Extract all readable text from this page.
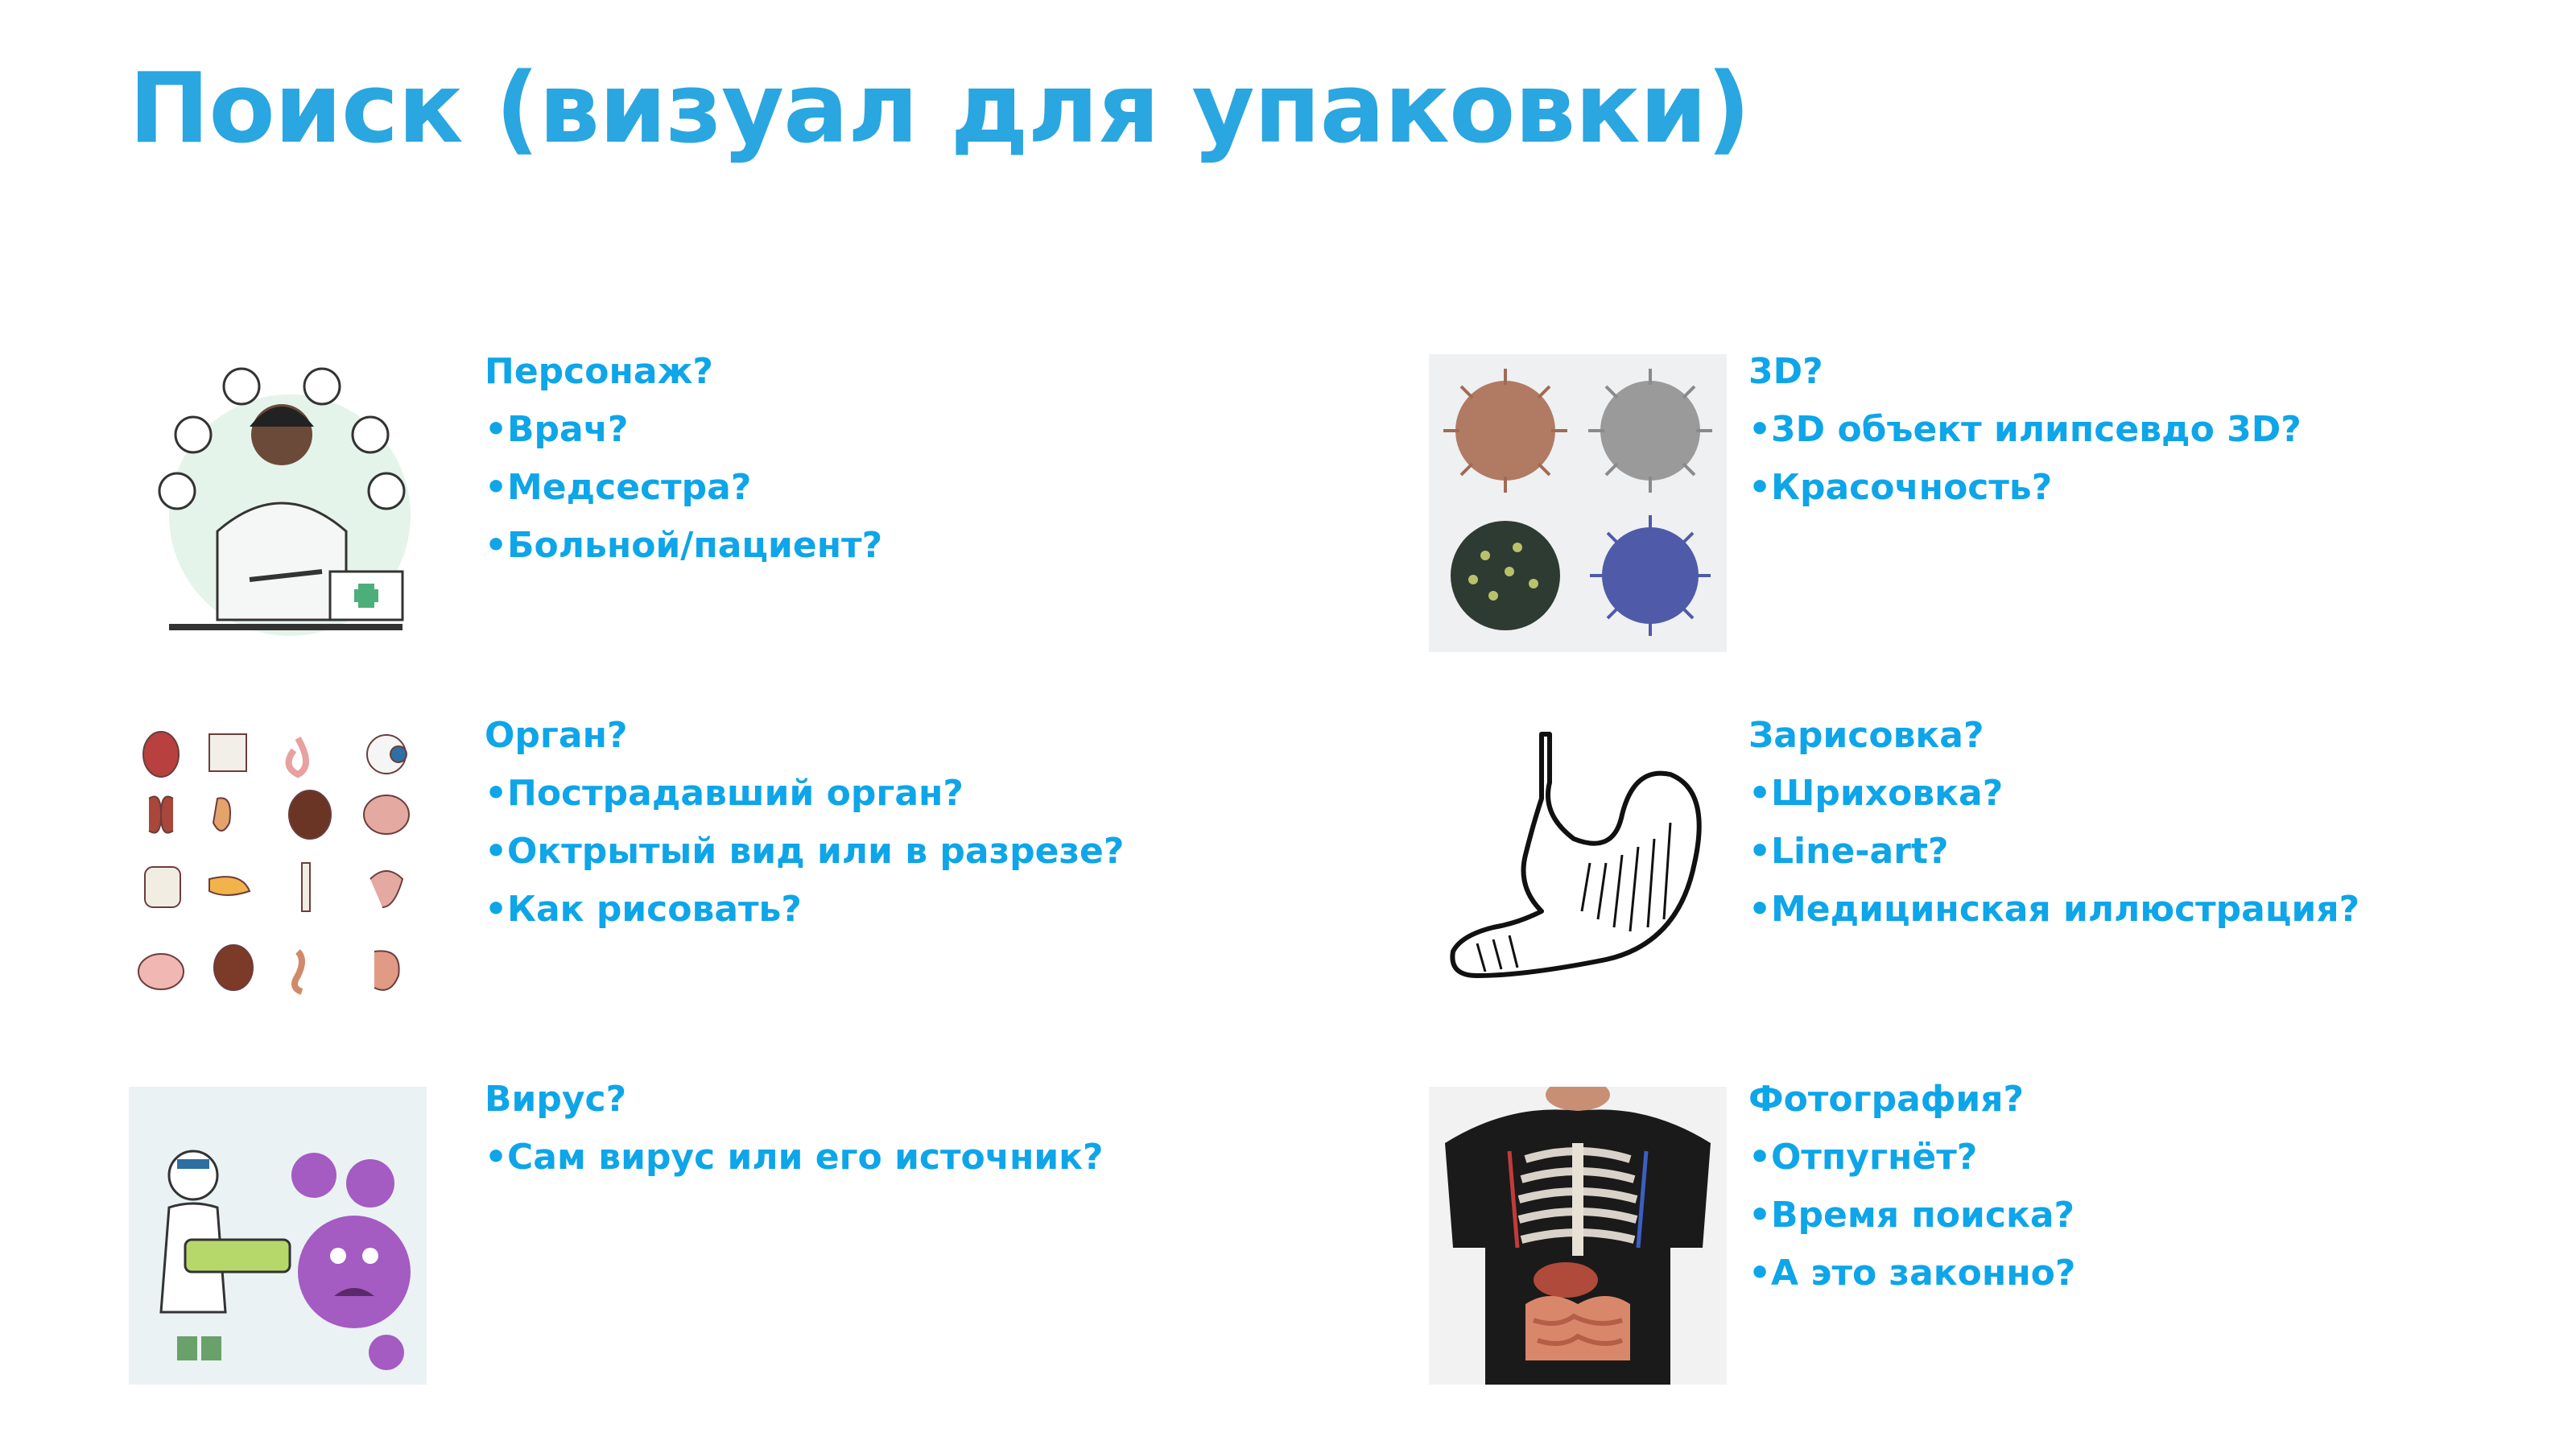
Поиск (визуал для упаковки)
Персонаж?
•Врач?
•Медсестра?
•Больной/пациент?
3D?
•3D объект илипсевдо 3D?
•Красочность?
Орган?
•Пострадавший орган?
•Октрытый вид или в разрезе?
•Как рисовать?
Зарисовка?
•Шриховка?
•Line-art?
•Медицинская иллюстрация?
Вирус?
•Сам вирус или его источник?
Фотография?
•Отпугнёт?
•Время поиска?
•А это законно?
